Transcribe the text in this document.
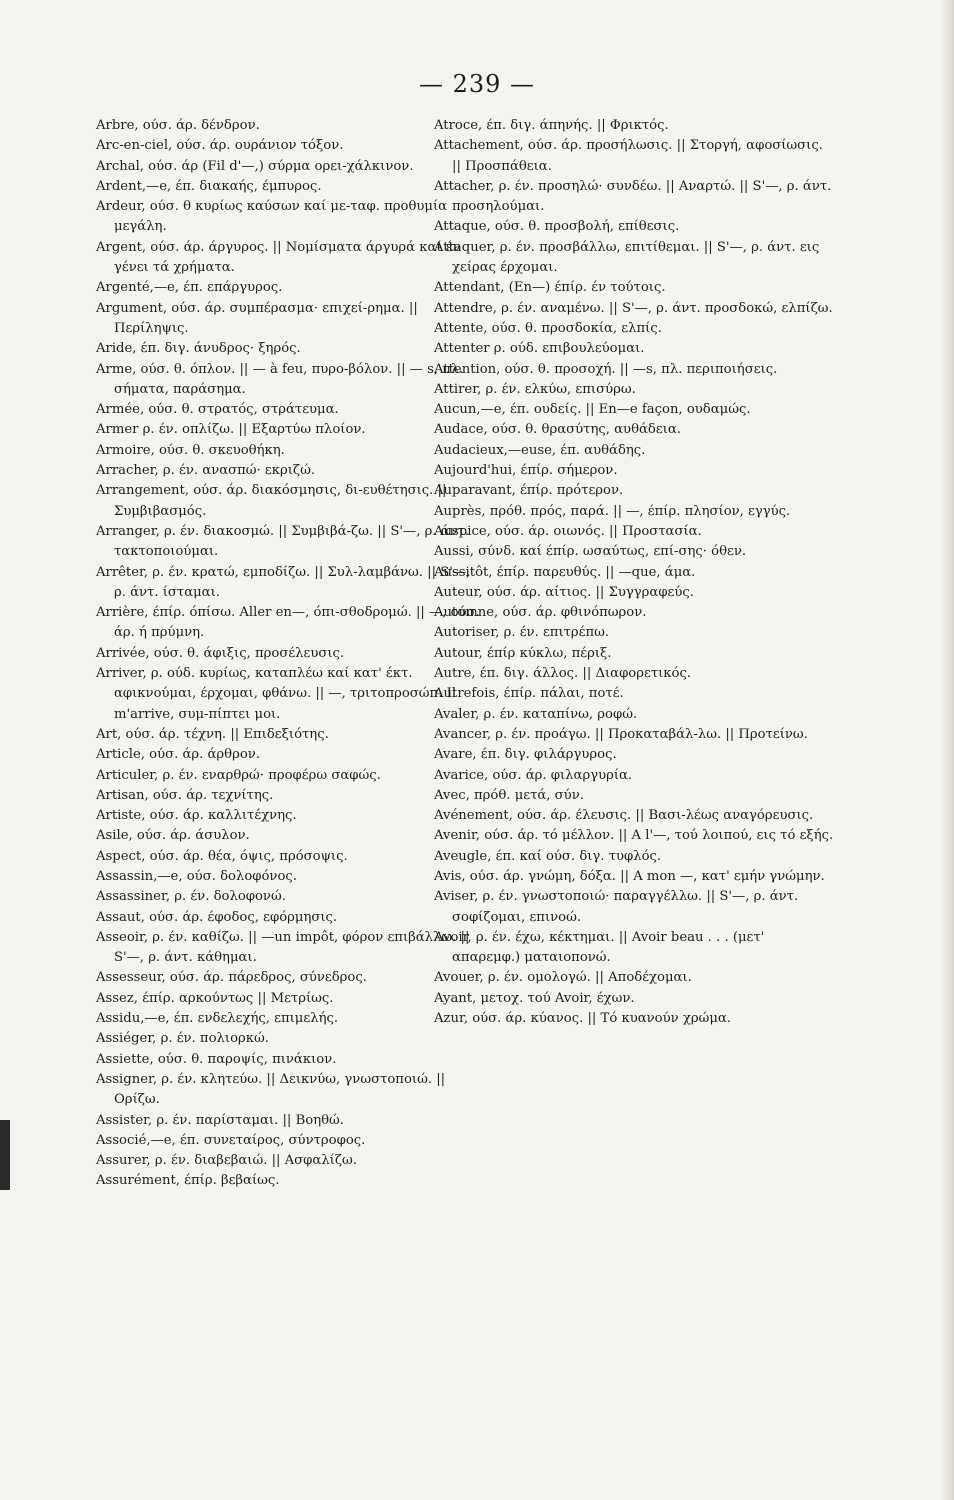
— 239 —

Arbre, ούσ. άρ. δένδρον.

Arc-en-ciel, ούσ. άρ. ουράνιον τόξον.

Archal, ούσ. άρ (Fil d'—,) σύρμα ορει-χάλκινον.

Ardent,—e, έπ. διακαής, έμπυρος.

Ardeur, ούσ. θ κυρίως καύσων καί με-ταφ. προθυμία μεγάλη.

Argent, ούσ. άρ. άργυρος. || Νομίσματα άργυρά καί έν γένει τά χρήματα.

Argenté,—e, έπ. επάργυρος.

Argument, ούσ. άρ. συμπέρασμα· επιχεί-ρημα. || Περίληψις.

Aride, έπ. διγ. άνυδρος· ξηρός.

Arme, ούσ. θ. όπλον. || — à feu, πυρο-βόλον. || — s, πλ. σήματα, παράσημα.

Armée, ούσ. θ. στρατός, στράτευμα.

Armer ρ. έν. οπλίζω. || Εξαρτύω πλοίον.

Armoire, ούσ. θ. σκευοθήκη.

Arracher, ρ. έν. ανασπώ· εκριζώ.

Arrangement, ούσ. άρ. διακόσμησις, δι-ευθέτησις. || Συμβιβασμός.

Arranger, ρ. έν. διακοσμώ. || Συμβιβά-ζω. || S'—, ρ. άντ. τακτοποιούμαι.

Arrêter, ρ. έν. κρατώ, εμποδίζω. || Συλ-λαμβάνω. || S'—, ρ. άντ. ίσταμαι.

Arrière, έπίρ. όπίσω. Aller en—, όπι-σθοδρομώ. || —, ούσ. άρ. ή πρύμνη.

Arrivée, ούσ. θ. άφιξις, προσέλευσις.

Arriver, ρ. ούδ. κυρίως, καταπλέω καί κατ' έκτ. αφικνούμαι, έρχομαι, φθάνω. || —, τριτοπροσώπ. Il m'arrive, συμ-πίπτει μοι.

Art, ούσ. άρ. τέχνη. || Επιδεξιότης.

Article, ούσ. άρ. άρθρον.

Articuler, ρ. έν. εναρθρώ· προφέρω σαφώς.

Artisan, ούσ. άρ. τεχνίτης.

Artiste, ούσ. άρ. καλλιτέχνης.

Asile, ούσ. άρ. άσυλον.

Aspect, ούσ. άρ. θέα, όψις, πρόσοψις.

Assassin,—e, ούσ. δολοφόνος.

Assassiner, ρ. έν. δολοφονώ.

Assaut, ούσ. άρ. έφοδος, εφόρμησις.

Asseoir, ρ. έν. καθίζω. || —un impôt, φόρον επιβάλλω. || S'—, ρ. άντ. κάθημαι.

Assesseur, ούσ. άρ. πάρεδρος, σύνεδρος.

Assez, έπίρ. αρκούντως || Μετρίως.

Assidu,—e, έπ. ενδελεχής, επιμελής.

Assiéger, ρ. έν. πολιορκώ.

Assiette, ούσ. θ. παροψίς, πινάκιον.

Assigner, ρ. έν. κλητεύω. || Δεικνύω, γνωστοποιώ. || Ορίζω.

Assister, ρ. έν. παρίσταμαι. || Βοηθώ.

Associé,—e, έπ. συνεταίρος, σύντροφος.

Assurer, ρ. έν. διαβεβαιώ. || Ασφαλίζω.

Assurément, έπίρ. βεβαίως.

Atroce, έπ. διγ. άπηνής. || Φρικτός.

Attachement, ούσ. άρ. προσήλωσις. || Στοργή, αφοσίωσις. || Προσπάθεια.

Attacher, ρ. έν. προσηλώ· συνδέω. || Αναρτώ. || S'—, ρ. άντ. προσηλούμαι.

Attaque, ούσ. θ. προσβολή, επίθεσις.

Attaquer, ρ. έν. προσβάλλω, επιτίθεμαι. || S'—, ρ. άντ. εις χείρας έρχομαι.

Attendant, (En—) έπίρ. έν τούτοις.

Attendre, ρ. έν. αναμένω. || S'—, ρ. άντ. προσδοκώ, ελπίζω.

Attente, ούσ. θ. προσδοκία, ελπίς.

Attenter ρ. ούδ. επιβουλεύομαι.

Attention, ούσ. θ. προσοχή. || —s, πλ. περιποιήσεις.

Attirer, ρ. έν. ελκύω, επισύρω.

Aucun,—e, έπ. ουδείς. || En—e façon, ουδαμώς.

Audace, ούσ. θ. θρασύτης, αυθάδεια.

Audacieux,—euse, έπ. αυθάδης.

Aujourd'hui, έπίρ. σήμερον.

Auparavant, έπίρ. πρότερον.

Auprès, πρόθ. πρός, παρά. || —, έπίρ. πλησίον, εγγύς.

Auspice, ούσ. άρ. οιωνός. || Προστασία.

Aussi, σύνδ. καί έπίρ. ωσαύτως, επί-σης· όθεν.

Aussitôt, έπίρ. παρευθύς. || —que, άμα.

Auteur, ούσ. άρ. αίτιος. || Συγγραφεύς.

Automne, ούσ. άρ. φθινόπωρον.

Autoriser, ρ. έν. επιτρέπω.

Autour, έπίρ κύκλω, πέριξ.

Autre, έπ. διγ. άλλος. || Διαφορετικός.

Autrefois, έπίρ. πάλαι, ποτέ.

Avaler, ρ. έν. καταπίνω, ροφώ.

Avancer, ρ. έν. προάγω. || Προκαταβάλ-λω. || Προτείνω.

Avare, έπ. διγ. φιλάργυρος.

Avarice, ούσ. άρ. φιλαργυρία.

Avec, πρόθ. μετά, σύν.

Avénement, ούσ. άρ. έλευσις. || Βασι-λέως αναγόρευσις.

Avenir, ούσ. άρ. τό μέλλον. || A l'—, τού λοιπού, εις τό εξής.

Aveugle, έπ. καί ούσ. διγ. τυφλός.

Avis, ούσ. άρ. γνώμη, δόξα. || A mon —, κατ' εμήν γνώμην.

Aviser, ρ. έν. γνωστοποιώ· παραγγέλλω. || S'—, ρ. άντ. σοφίζομαι, επινοώ.

Avoir, ρ. έν. έχω, κέκτημαι. || Avoir beau . . . (μετ' απαρεμφ.) ματαιοπονώ.

Avouer, ρ. έν. ομολογώ. || Αποδέχομαι.

Ayant, μετοχ. τού Avoir, έχων.

Azur, ούσ. άρ. κύανος. || Τό κυανούν χρώμα.
